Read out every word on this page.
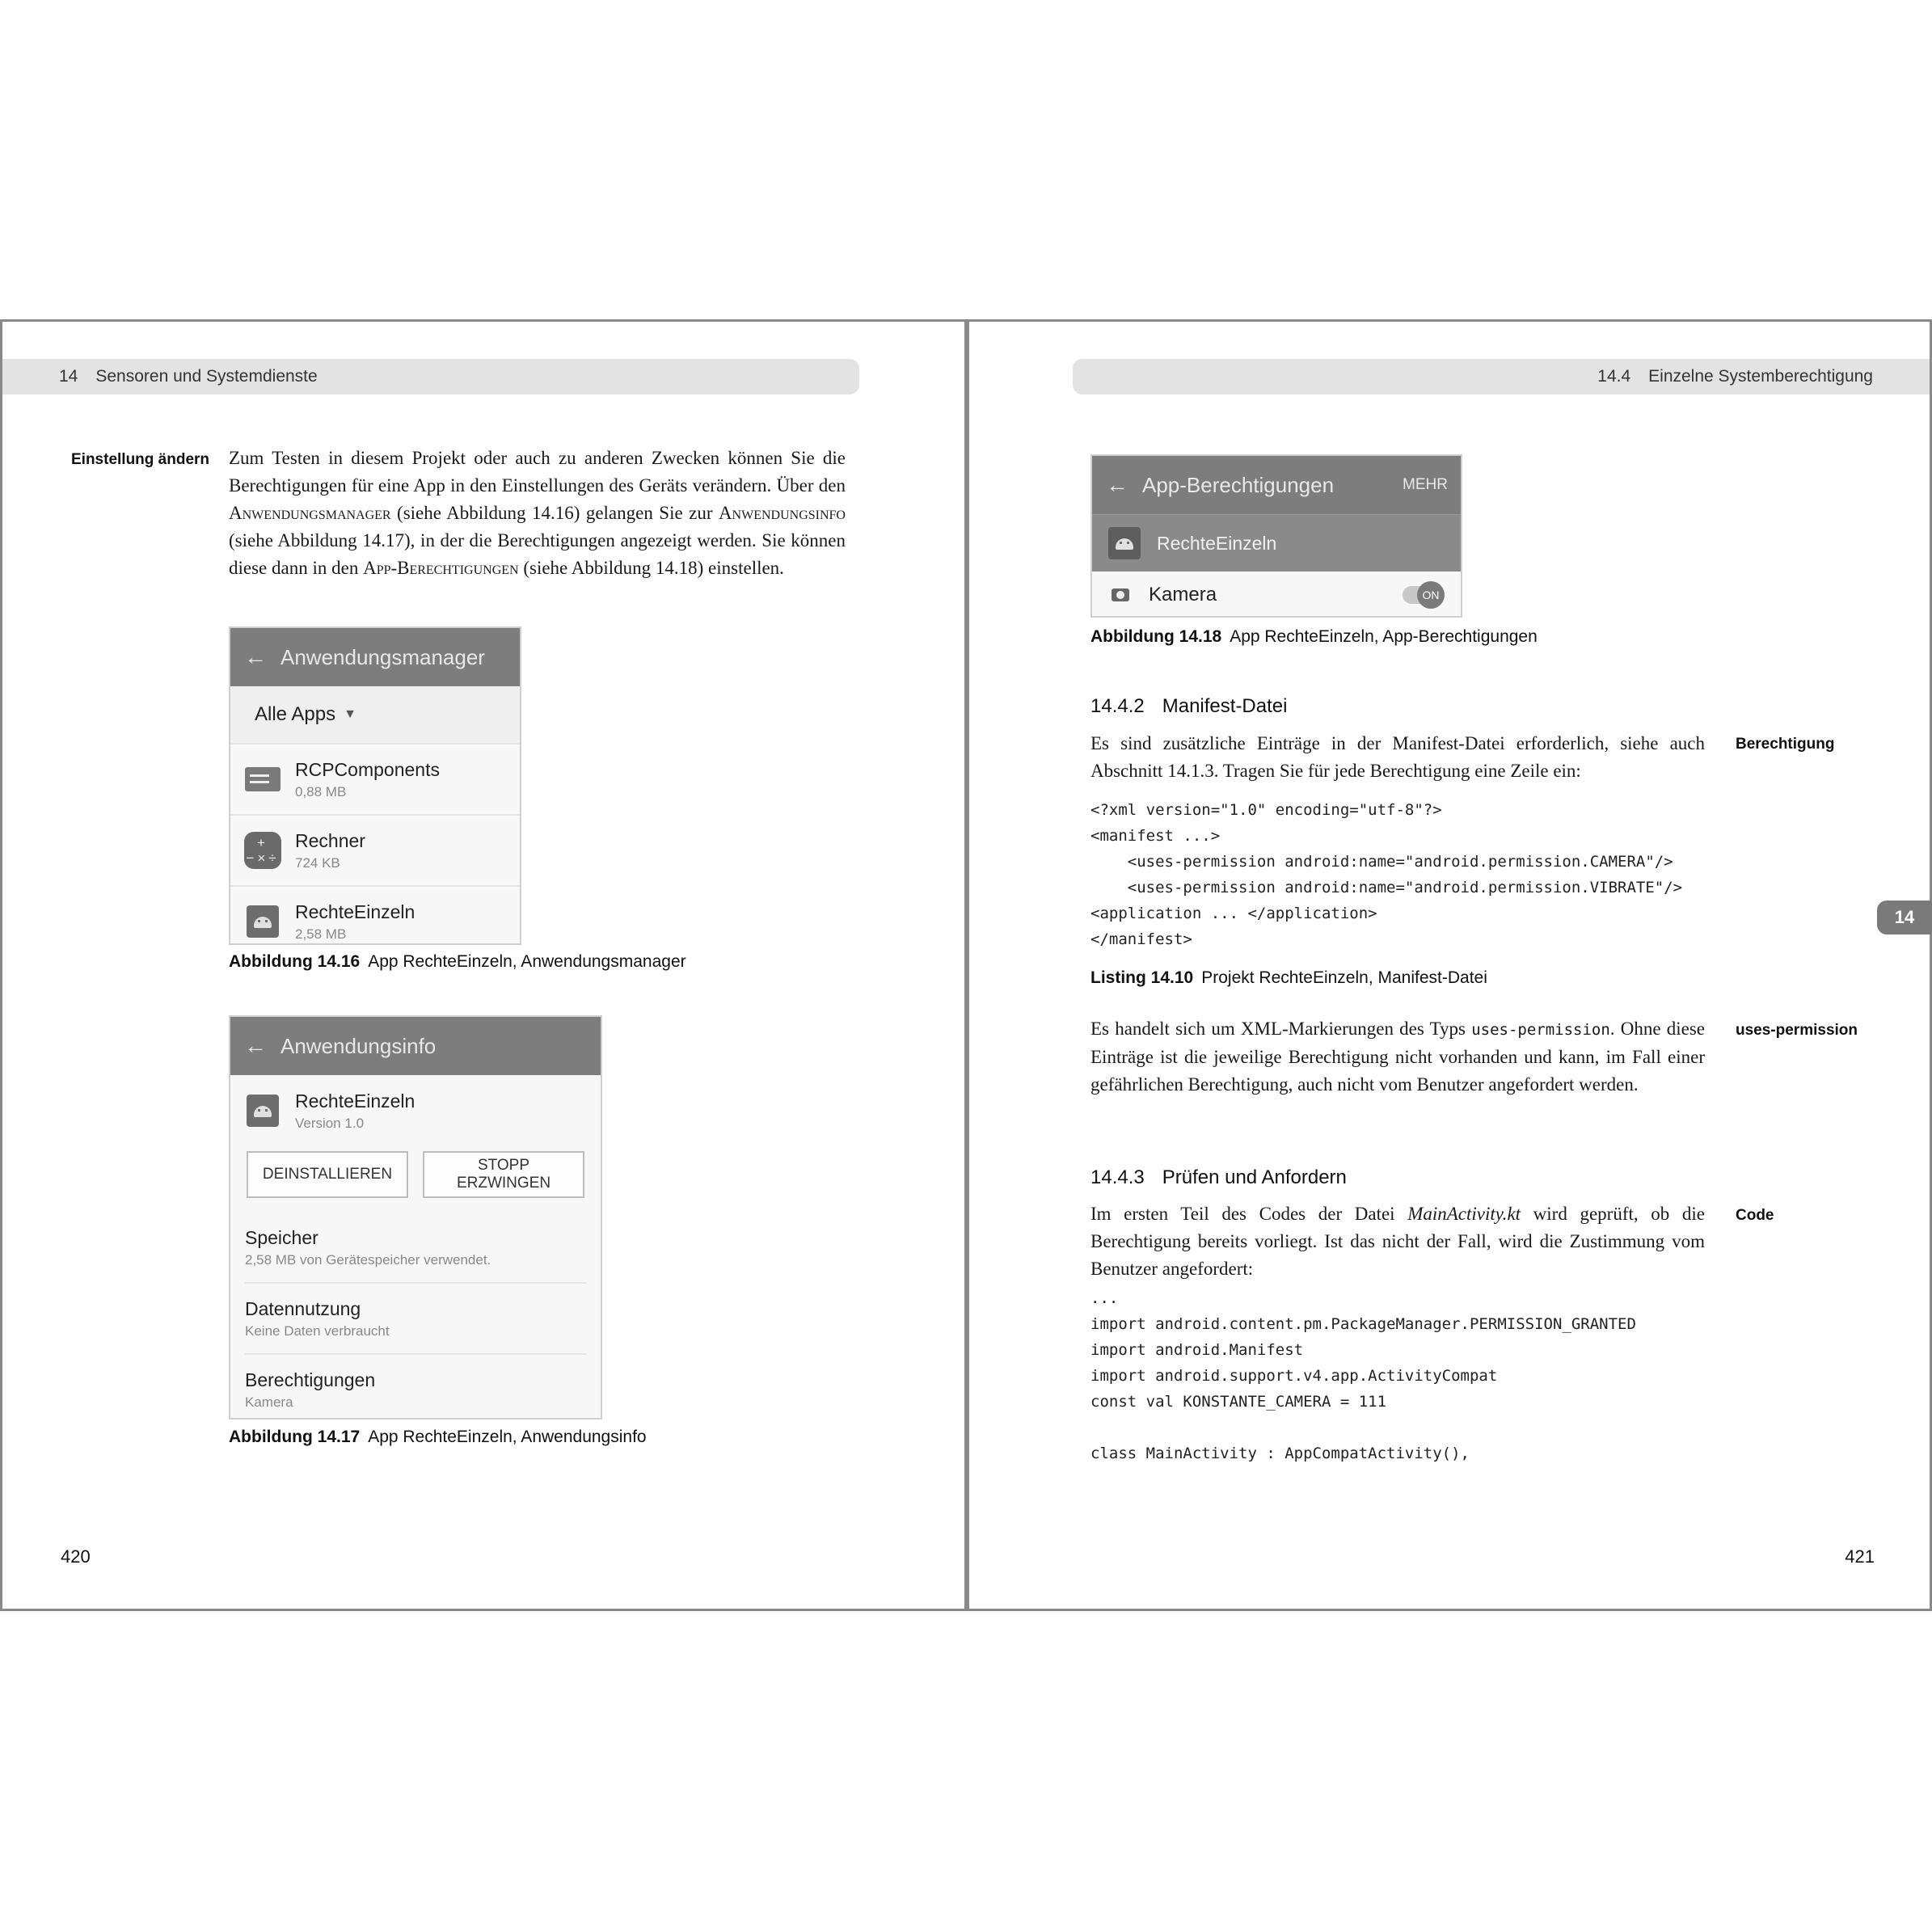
14 Sensoren und Systemdienste
Einstellung ändern Zum Testen in diesem Projekt oder auch zu anderen Zwecken können Sie die Berechtigungen für eine App in den Einstellungen des Geräts verändern. Über den Anwendungsmanager (siehe Abbildung 14.16) gelangen Sie zur Anwendungsinfo (siehe Abbildung 14.17), in der die Berechtigungen angezeigt werden. Sie können diese dann in den App-Berechtigungen (siehe Abbildung 14.18) einstellen.
← Anwendungsmanager
Alle Apps ▼
RCPComponents
0,88 MB
+−×÷
Rechner
724 KB
RechteEinzeln
2,58 MB
Abbildung 14.16 App RechteEinzeln, Anwendungsmanager
← Anwendungsinfo
RechteEinzeln
Version 1.0
DEINSTALLIEREN
STOPP ERZWINGEN
Speicher
2,58 MB von Gerätespeicher verwendet.
Datennutzung
Keine Daten verbraucht
Berechtigungen
Kamera
Abbildung 14.17 App RechteEinzeln, Anwendungsinfo
420
14.4 Einzelne Systemberechtigung
← App-Berechtigungen	MEHR
RechteEinzeln
Kamera	ON
Abbildung 14.18 App RechteEinzeln, App-Berechtigungen
14.4.2 Manifest-Datei
Berechtigung
Es sind zusätzliche Einträge in der Manifest-Datei erforderlich, siehe auch Abschnitt 14.1.3. Tragen Sie für jede Berechtigung eine Zeile ein:
<?xml version="1.0" encoding="utf-8"?>
<manifest ...>
<uses-permission android:name="android.permission.CAMERA"/>
<uses-permission android:name="android.permission.VIBRATE"/>
<application ... </application>
</manifest>
Listing 14.10 Projekt RechteEinzeln, Manifest-Datei
uses-permission
Es handelt sich um XML-Markierungen des Typs uses-permission. Ohne diese Einträge ist die jeweilige Berechtigung nicht vorhanden und kann, im Fall einer gefährlichen Berechtigung, auch nicht vom Benutzer angefordert werden.
14.4.3 Prüfen und Anfordern
Code
Im ersten Teil des Codes der Datei MainActivity.kt wird geprüft, ob die Berechtigung bereits vorliegt. Ist das nicht der Fall, wird die Zustimmung vom Benutzer angefordert:
...
import android.content.pm.PackageManager.PERMISSION_GRANTED
import android.Manifest
import android.support.v4.app.ActivityCompat
const val KONSTANTE_CAMERA = 111

class MainActivity : AppCompatActivity(),
421
14
